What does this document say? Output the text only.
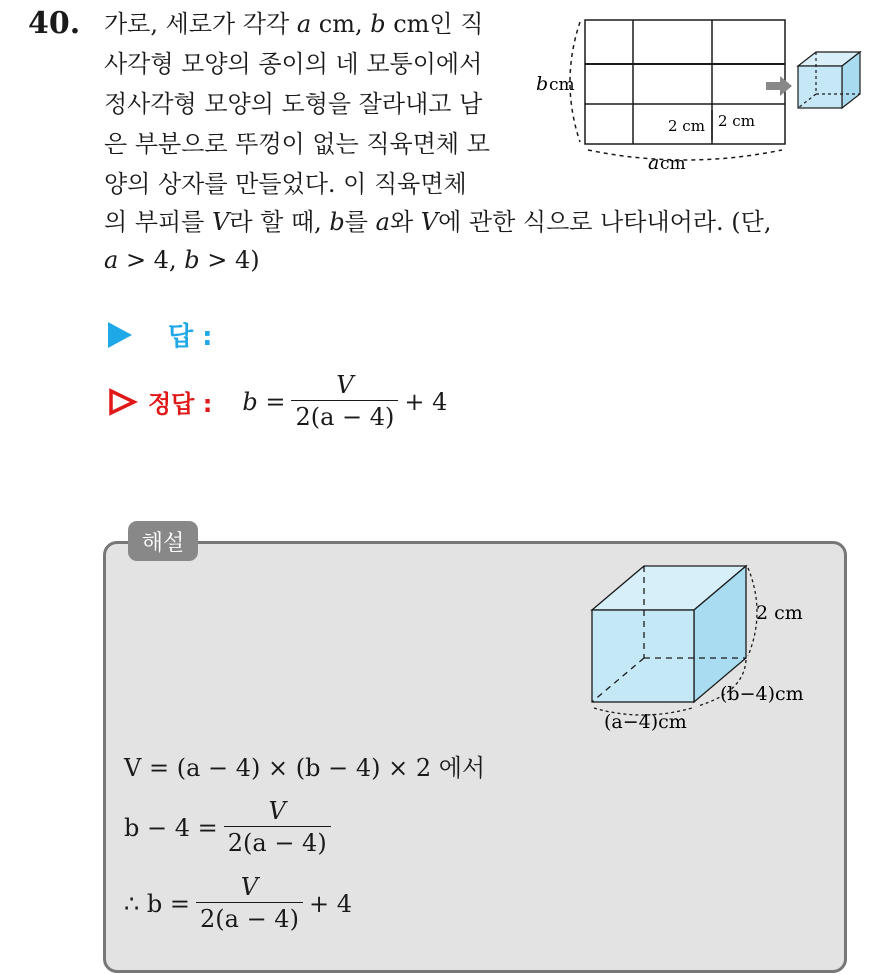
40. 가로, 세로가 각각 a cm, b cm인 직
사각형 모양의 종이의 네 모퉁이에서
정사각형 모양의 도형을 잘라내고 남
은 부분으로 뚜껑이 없는 직육면체 모
양의 상자를 만들었다. 이 직육면체
의 부피를 V라 할 때, b를 a와 V에 관한 식으로 나타내어라. (단,
a > 4, b > 4)
b cm
2 cm 2 cm
a cm
답 :
정답 : $b = \frac{V}{2(a - 4)} + 4$
해설
2 cm
(b−4)cm
(a−4)cm
V = (a − 4) × (b − 4) × 2 에서
$b - 4 = \frac{V}{2(a - 4)}$
∴ $b = \frac{V}{2(a - 4)} + 4$
